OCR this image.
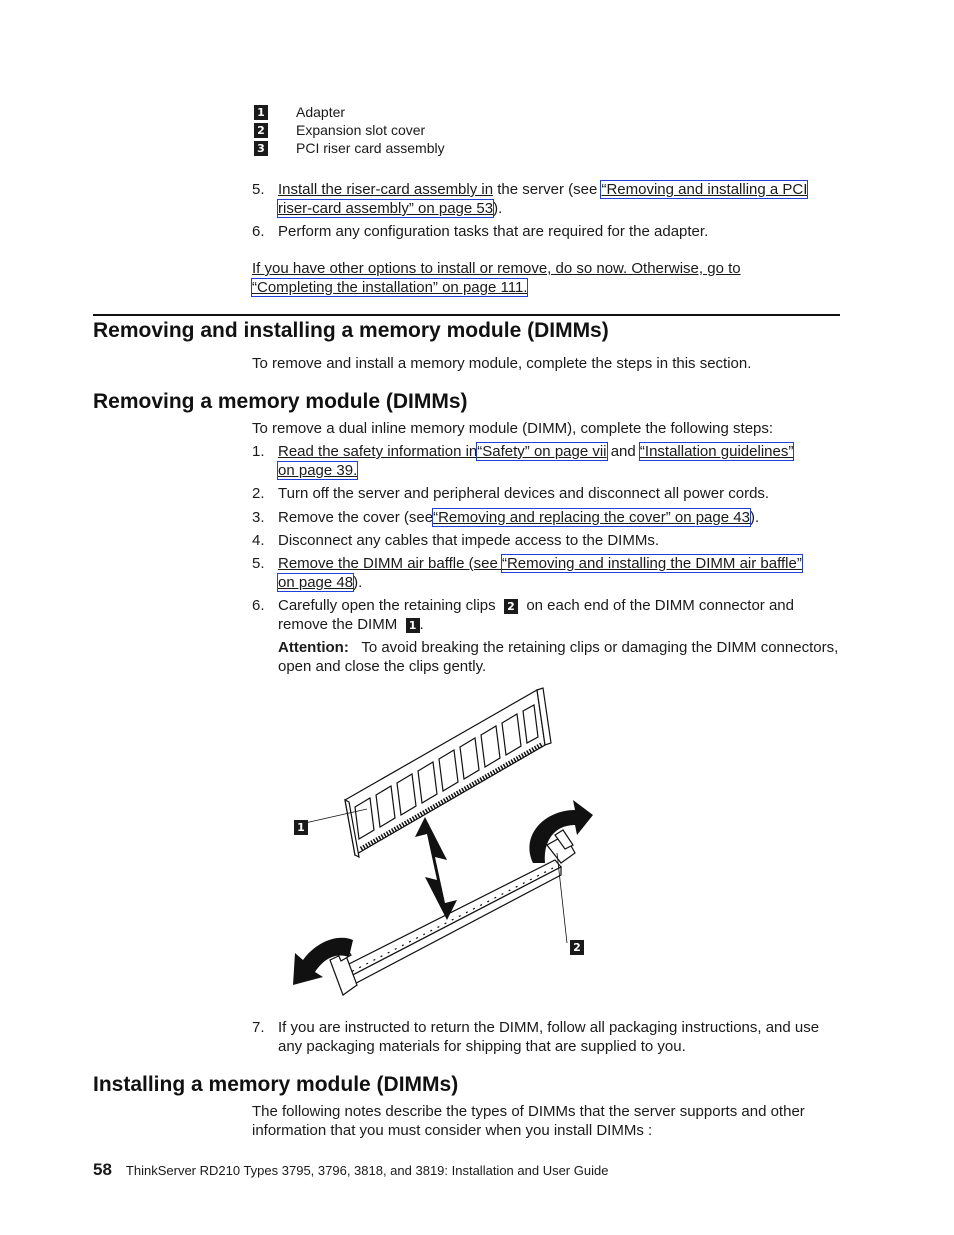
1 Adapter
2 Expansion slot cover
3 PCI riser card assembly
5. Install the riser-card assembly in the server (see “Removing and installing a PCI
riser-card assembly” on page 53).
6. Perform any configuration tasks that are required for the adapter.
If you have other options to install or remove, do so now. Otherwise, go to
“Completing the installation” on page 111.
Removing and installing a memory module (DIMMs)
To remove and install a memory module, complete the steps in this section.
Removing a memory module (DIMMs)
To remove a dual inline memory module (DIMM), complete the following steps:
1. Read the safety information in“Safety” on page vii and “Installation guidelines”
on page 39.
2. Turn off the server and peripheral devices and disconnect all power cords.
3. Remove the cover (see“Removing and replacing the cover” on page 43).
4. Disconnect any cables that impede access to the DIMMs.
5. Remove the DIMM air baffle (see “Removing and installing the DIMM air baffle”
on page 48).
6. Carefully open the retaining clips 2 on each end of the DIMM connector and
remove the DIMM 1 .
Attention: To avoid breaking the retaining clips or damaging the DIMM connectors, open and close the clips gently.
1
2
7. If you are instructed to return the DIMM, follow all packaging instructions, and use any packaging materials for shipping that are supplied to you.
Installing a memory module (DIMMs)
The following notes describe the types of DIMMs that the server supports and other information that you must consider when you install DIMMs :
58 ThinkServer RD210 Types 3795, 3796, 3818, and 3819: Installation and User Guide
